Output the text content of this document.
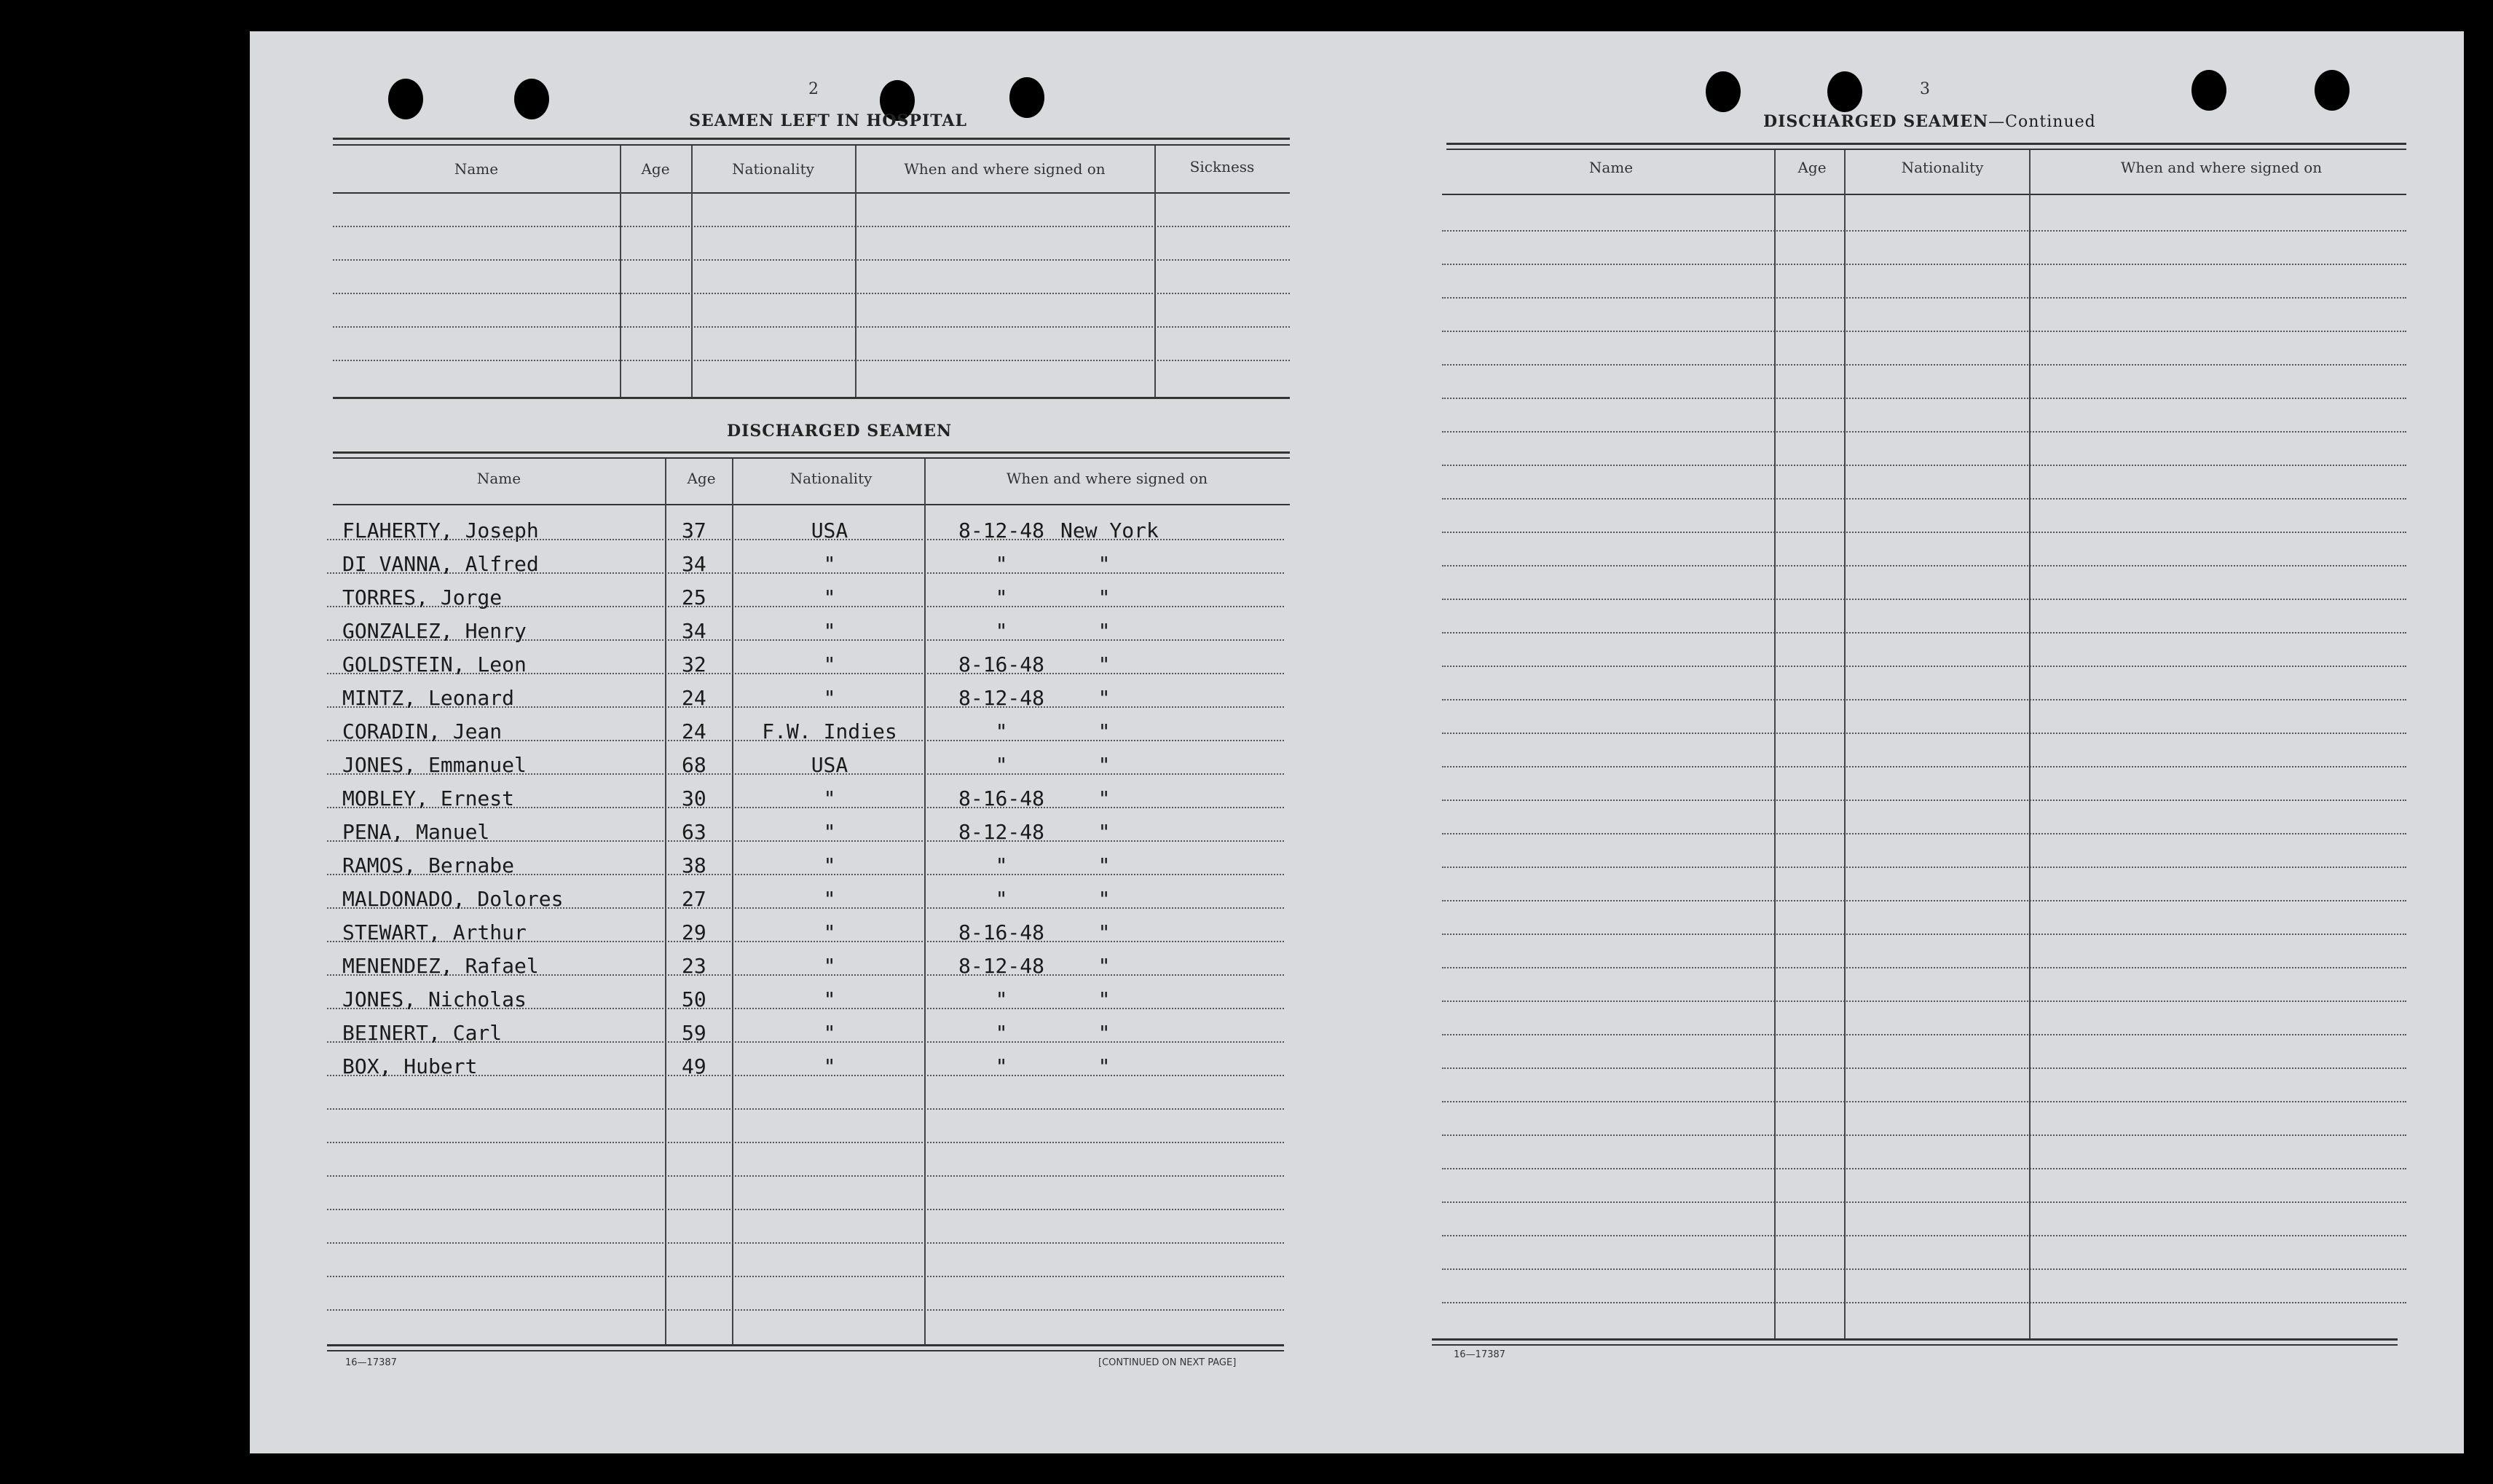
2
SEAMEN LEFT IN HOSPITAL
Name	Age	Nationality	When and where signed on	Sickness
DISCHARGED SEAMEN
Name	Age	Nationality	When and where signed on
FLAHERTY, Joseph	37	USA	8-12-48 New York
DI VANNA, Alfred	34	"	"	"
TORRES, Jorge	25	"	"	"
GONZALEZ, Henry	34	"	"	"
GOLDSTEIN, Leon	32	"	8-16-48	"
MINTZ, Leonard	24	"	8-12-48	"
CORADIN, Jean	24	F.W. Indies	"	"
JONES, Emmanuel	68	USA	"	"
MOBLEY, Ernest	30	"	8-16-48	"
PENA, Manuel	63	"	8-12-48	"
RAMOS, Bernabe	38	"	"	"
MALDONADO, Dolores	27	"	"	"
STEWART, Arthur	29	"	8-16-48	"
MENENDEZ, Rafael	23	"	8-12-48	"
JONES, Nicholas	50	"	"	"
BEINERT, Carl	59	"	"	"
BOX, Hubert	49	"	"	"
16—17387	[CONTINUED ON NEXT PAGE]
3
DISCHARGED SEAMEN—Continued
Name	Age	Nationality	When and where signed on
16—17387
